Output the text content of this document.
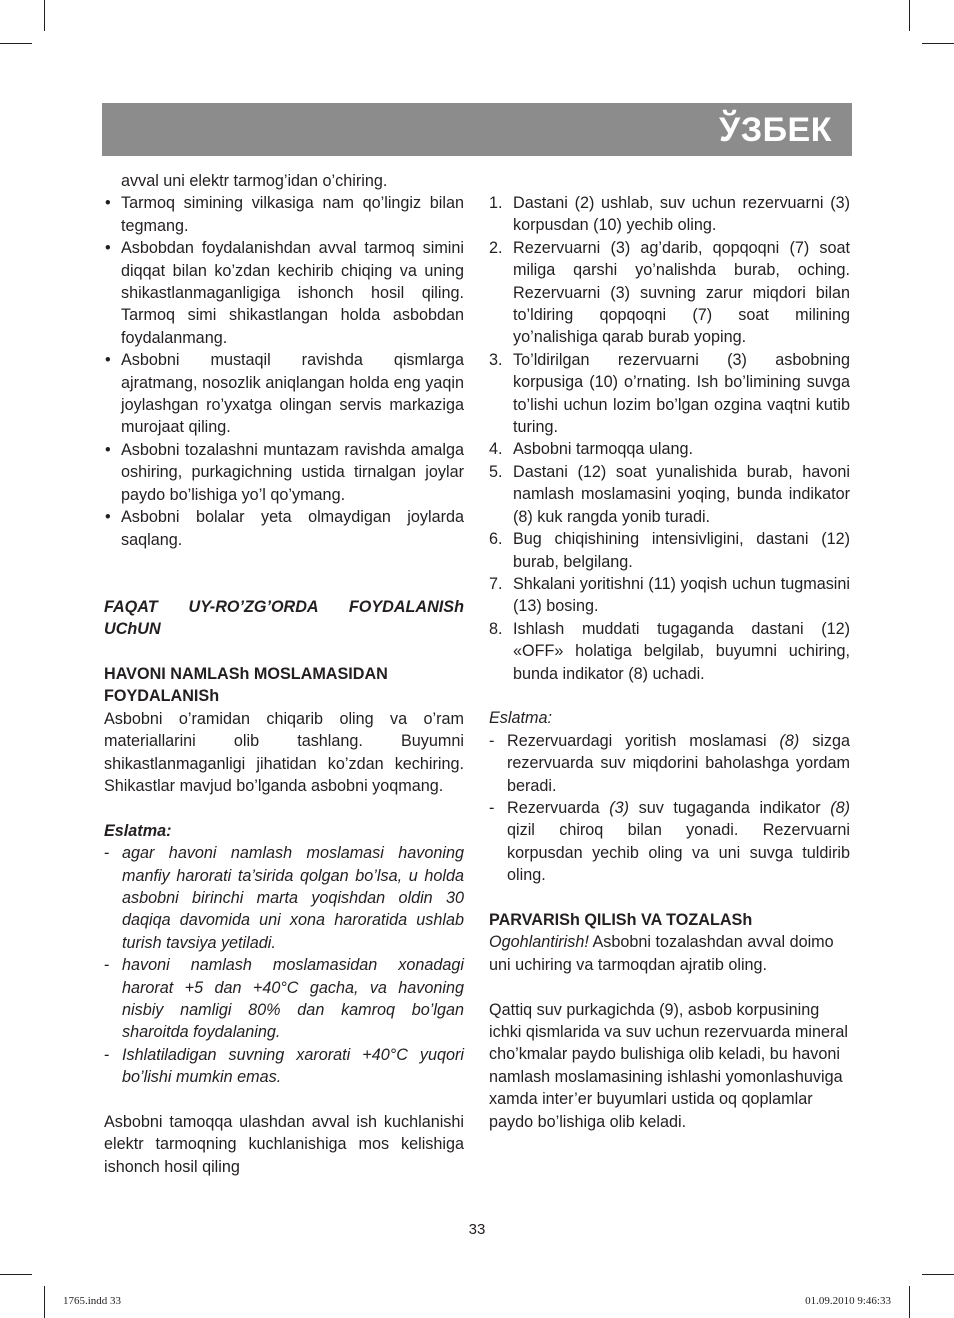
ЎЗБЕК

avval uni elektr tarmog’idan o’chiring.

• Tarmoq simining vilkasiga nam qo’lingiz bilan tegmang.
• Asbobdan foydalanishdan avval tarmoq simini diqqat bilan ko’zdan kechirib chiqing va uning shikastlanmaganligiga ishonch hosil qiling. Tarmoq simi shikastlangan holda asbobdan foydalanmang.
• Asbobni mustaqil ravishda qismlarga ajratmang, nosozlik aniqlangan holda eng yaqin joylashgan ro’yxatga olingan servis markaziga murojaat qiling.
• Asbobni tozalashni muntazam ravishda amalga oshiring, purkagichning ustida tirnalgan joylar paydo bo’lishiga yo’l qo’ymang.
• Asbobni bolalar yeta olmaydigan joylarda saqlang.

FAQAT UY-RO’ZG’ORDA FOYDALANISh UChUN

HAVONI NAMLASh MOSLAMASIDAN FOYDALANISh

Asbobni o’ramidan chiqarib oling va o’ram materiallarini olib tashlang. Buyumni shikastlanmaganligi jihatidan ko’zdan kechiring. Shikastlar mavjud bo’lganda asbobni yoqmang.

Eslatma:

- agar havoni namlash moslamasi havoning manfiy harorati ta’sirida qolgan bo’lsa, u holda asbobni birinchi marta yoqishdan oldin 30 daqiqa davomida uni xona haroratida ushlab turish tavsiya yetiladi.
- havoni namlash moslamasidan xonadagi harorat +5 dan +40°C gacha, va havoning nisbiy namligi 80% dan kamroq bo’lgan sharoitda foydalaning.
- Ishlatiladigan suvning xarorati +40°C yuqori bo’lishi mumkin emas.

Asbobni tamoqqa ulashdan avval ish kuchlanishi elektr tarmoqning kuchlanishiga mos kelishiga ishonch hosil qiling

1. Dastani (2) ushlab, suv uchun rezervuarni (3) korpusdan (10) yechib oling.
2. Rezervuarni (3) ag’darib, qopqoqni (7) soat miliga qarshi yo’nalishda burab, oching. Rezervuarni (3) suvning zarur miqdori bilan to’ldiring qopqoqni (7) soat milining yo’nalishiga qarab burab yoping.
3. To’ldirilgan rezervuarni (3) asbobning korpusiga (10) o’rnating. Ish bo’limining suvga to’lishi uchun lozim bo’lgan ozgina vaqtni kutib turing.
4. Asbobni tarmoqqa ulang.
5. Dastani (12) soat yunalishida burab, havoni namlash moslamasini yoqing, bunda indikator (8) kuk rangda yonib turadi.
6. Bug chiqishining intensivligini, dastani (12) burab, belgilang.
7. Shkalani yoritishni (11) yoqish uchun tugmasini (13) bosing.
8. Ishlash muddati tugaganda dastani (12) «OFF» holatiga belgilab, buyumni uchiring, bunda indikator (8) uchadi.

Eslatma:

- Rezervuardagi yoritish moslamasi (8) sizga rezervuarda suv miqdorini baholashga yordam beradi.
- Rezervuarda (3) suv tugaganda indikator (8) qizil chiroq bilan yonadi. Rezervuarni korpusdan yechib oling va uni suvga tuldirib oling.

PARVARISh QILISh VA TOZALASh

Ogohlantirish! Asbobni tozalashdan avval doimo uni uchiring va tarmoqdan ajratib oling.

Qattiq suv purkagichda (9), asbob korpusining ichki qismlarida va suv uchun rezervuarda mineral cho’kmalar paydo bulishiga olib keladi, bu havoni namlash moslamasining ishlashi yomonlashuviga xamda inter’er buyumlari ustida oq qoplamlar paydo bo’lishiga olib keladi.

33
1765.indd 33	01.09.2010 9:46:33
